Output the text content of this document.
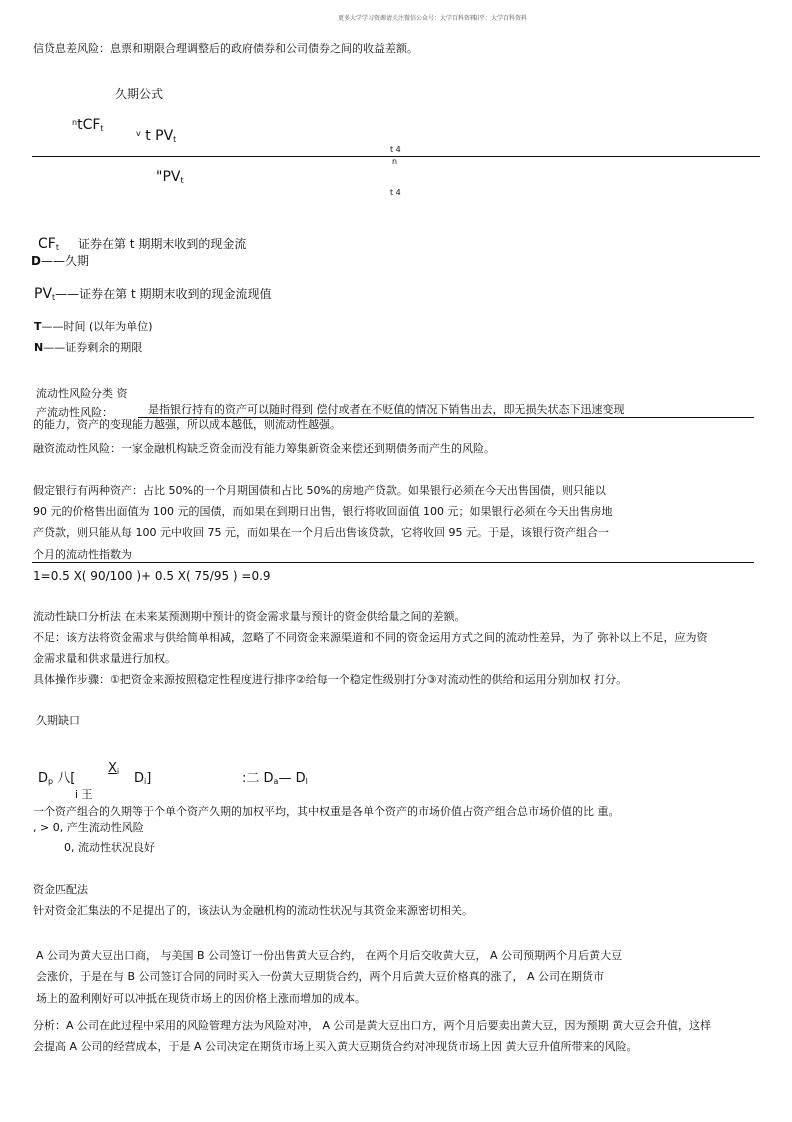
更多大学学习资源请关注微信公众号：大学百科资料
知乎：大学百科资料
信贷息差风险：息票和期限合理调整后的政府债券和公司债券之间的收益差额。
久期公式
$^n$tCF$_t$
$^v$ t $PV_t$
t 4
n
"$PV_t$
t 4
$CF_t$ 证券在第 t 期期末收到的现金流
D——久期
$PV_t——$证券在第 t 期期末收到的现金流现值
T——时间 (以年为单位)
N——证券剩余的期限
流动性风险分类 资
产流动性风险：	是指银行持有的资产可以随时得到 偿付或者在不贬值的情况下销售出去，即无损失状态下迅速变现
的能力，资产的变现能力越强，所以成本越低，则流动性越强。
融资流动性风险：一家金融机构缺乏资金而没有能力筹集新资金来偿还到期债务而产生的风险。
假定银行有两种资产：占比 50%的一个月期国债和占比 50%的房地产贷款。如果银行必须在今天出售国债，则只能以
90 元的价格售出面值为 100 元的国债，而如果在到期日出售，银行将收回面值 100 元；如果银行必须在今天出售房地
产贷款，则只能从每 100 元中收回 75 元，而如果在一个月后出售该贷款，它将收回 95 元。于是，该银行资产组合一
个月的流动性指数为
1=0.5 X( 90/100 )+ 0.5 X( 75/95 ) =0.9
流动性缺口分析法 在未来某预测期中预计的资金需求量与预计的资金供给量之间的差额。
不足：该方法将资金需求与供给简单相减，忽略了不同资金来源渠道和不同的资金运用方式之间的流动性差异，为了 弥补以上不足，应为资
金需求量和供求量进行加权。
具体操作步骤：①把资金来源按照稳定性程度进行排序②给每一个稳定性级别打分③对流动性的供给和运用分别加权 打分。
久期缺口
$X_i$
$D_p$ 八[	$D_i$]	:二 $D_a—$ $D_l$
i 王
一个资产组合的久期等于个单个资产久期的加权平均，其中权重是各单个资产的市场价值占资产组合总市场价值的比 重。
, > 0, 产生流动性风险
0, 流动性状况良好
资金匹配法
针对资金汇集法的不足提出了的，该法认为金融机构的流动性状况与其资金来源密切相关。
A 公司为黄大豆出口商， 与美国 B 公司签订一份出售黄大豆合约， 在两个月后交收黄大豆， A 公司预期两个月后黄大豆
会涨价，于是在与 B 公司签订合同的同时买入一份黄大豆期货合约，两个月后黄大豆价格真的涨了， A 公司在期货市
场上的盈利刚好可以冲抵在现货市场上的因价格上涨而增加的成本。
分析：A 公司在此过程中采用的风险管理方法为风险对冲， A 公司是黄大豆出口方，两个月后要卖出黄大豆，因为预期 黄大豆会升值，这样
会提高 A 公司的经营成本，于是 A 公司决定在期货市场上买入黄大豆期货合约对冲现货市场上因 黄大豆升值所带来的风险。
